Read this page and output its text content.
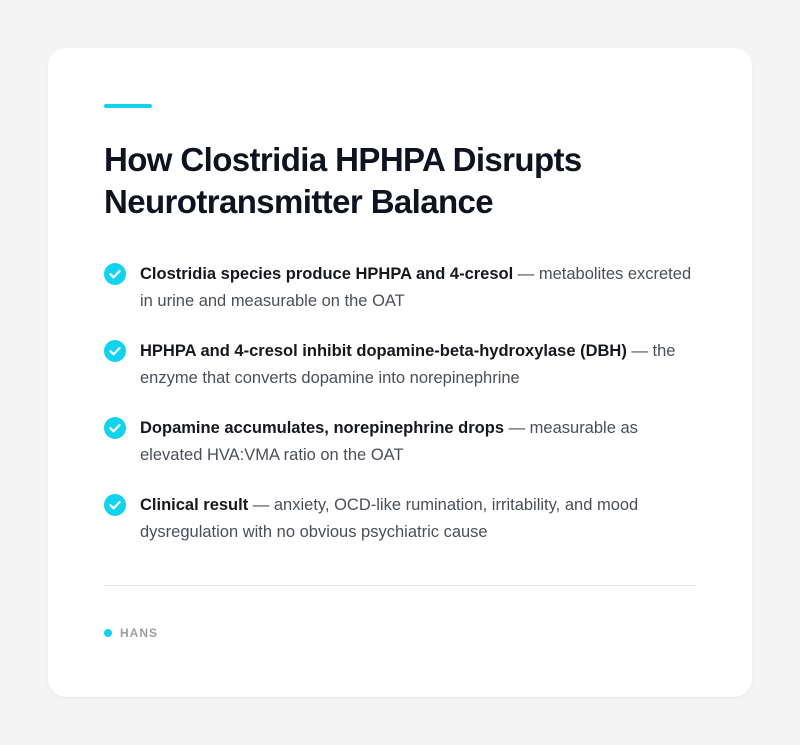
How Clostridia HPHPA Disrupts Neurotransmitter Balance
Clostridia species produce HPHPA and 4-cresol — metabolites excreted in urine and measurable on the OAT
HPHPA and 4-cresol inhibit dopamine-beta-hydroxylase (DBH) — the enzyme that converts dopamine into norepinephrine
Dopamine accumulates, norepinephrine drops — measurable as elevated HVA:VMA ratio on the OAT
Clinical result — anxiety, OCD-like rumination, irritability, and mood dysregulation with no obvious psychiatric cause
HANS
